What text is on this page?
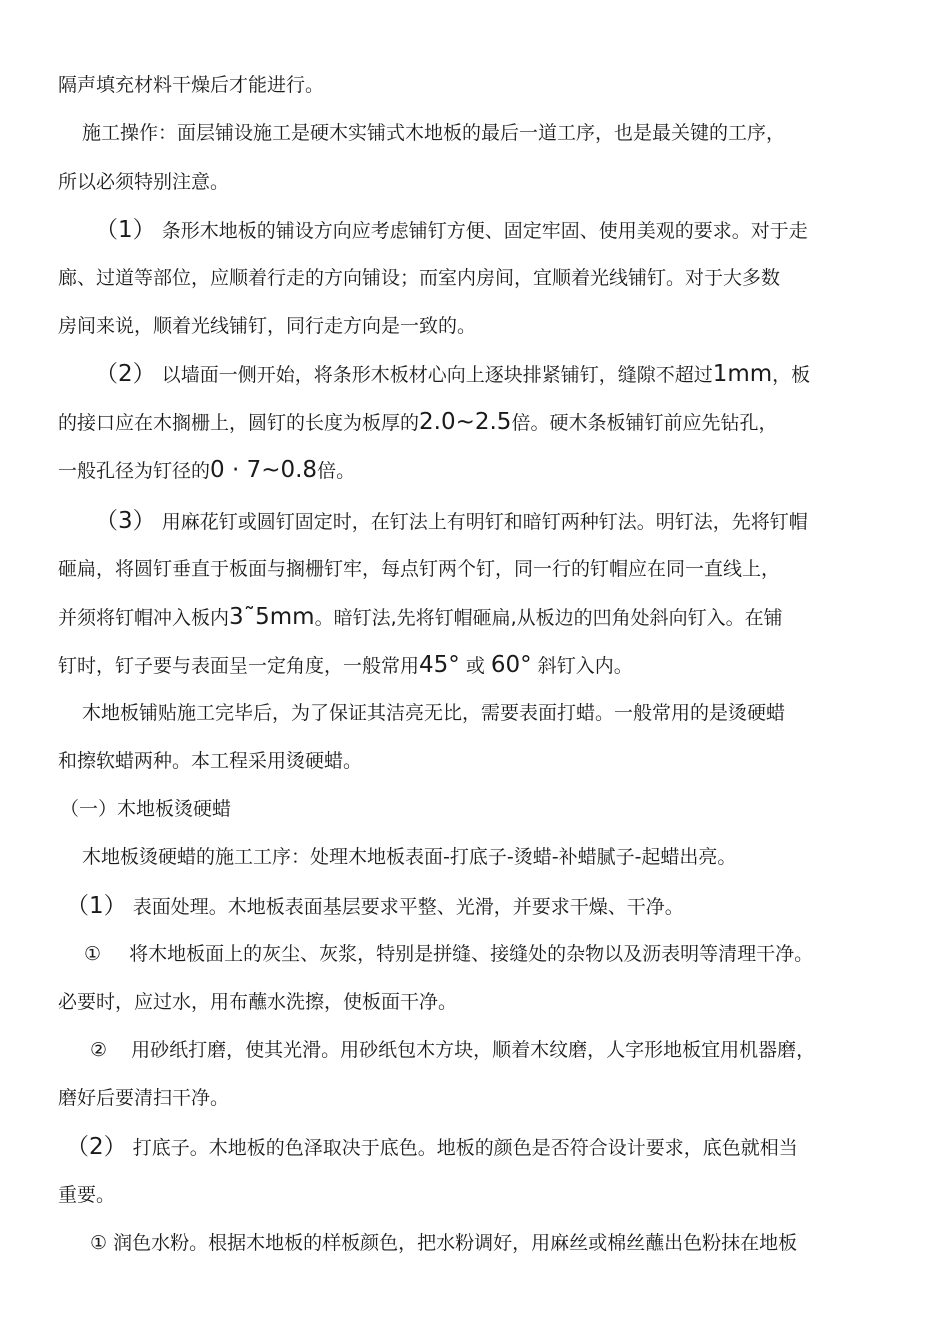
隔声填充材料干燥后才能进行。
施工操作：面层铺设施工是硬木实铺式木地板的最后一道工序，也是最关键的工序，
所以必须特别注意。
（1） 条形木地板的铺设方向应考虑铺钉方便、固定牢固、使用美观的要求。对于走
廊、过道等部位，应顺着行走的方向铺设；而室内房间，宜顺着光线铺钉。对于大多数
房间来说，顺着光线铺钉，同行走方向是一致的。
（2） 以墙面一侧开始，将条形木板材心向上逐块排紧铺钉，缝隙不超过1mm，板
的接口应在木搁栅上，圆钉的长度为板厚的2.0~2.5倍。硬木条板铺钉前应先钻孔，
一般孔径为钉径的0 · 7~0.8倍。
（3） 用麻花钉或圆钉固定时，在钉法上有明钉和暗钉两种钉法。明钉法，先将钉帽
砸扁，将圆钉垂直于板面与搁栅钉牢，每点钉两个钉，同一行的钉帽应在同一直线上，
并须将钉帽冲入板内3˜5mm。暗钉法,先将钉帽砸扁,从板边的凹角处斜向钉入。在铺
钉时，钉子要与表面呈一定角度，一般常用45° 或 60° 斜钉入内。
木地板铺贴施工完毕后，为了保证其洁亮无比，需要表面打蜡。一般常用的是烫硬蜡
和擦软蜡两种。本工程采用烫硬蜡。
（一）木地板烫硬蜡
木地板烫硬蜡的施工工序：处理木地板表面-打底子-烫蜡-补蜡腻子-起蜡出亮。
（1） 表面处理。木地板表面基层要求平整、光滑，并要求干燥、干净。
① 将木地板面上的灰尘、灰浆，特别是拼缝、接缝处的杂物以及沥表明等清理干净。
必要时，应过水，用布蘸水洗擦，使板面干净。
② 用砂纸打磨，使其光滑。用砂纸包木方块，顺着木纹磨，人字形地板宜用机器磨，
磨好后要清扫干净。
（2） 打底子。木地板的色泽取决于底色。地板的颜色是否符合设计要求，底色就相当
重要。
① 润色水粉。根据木地板的样板颜色，把水粉调好，用麻丝或棉丝蘸出色粉抹在地板
